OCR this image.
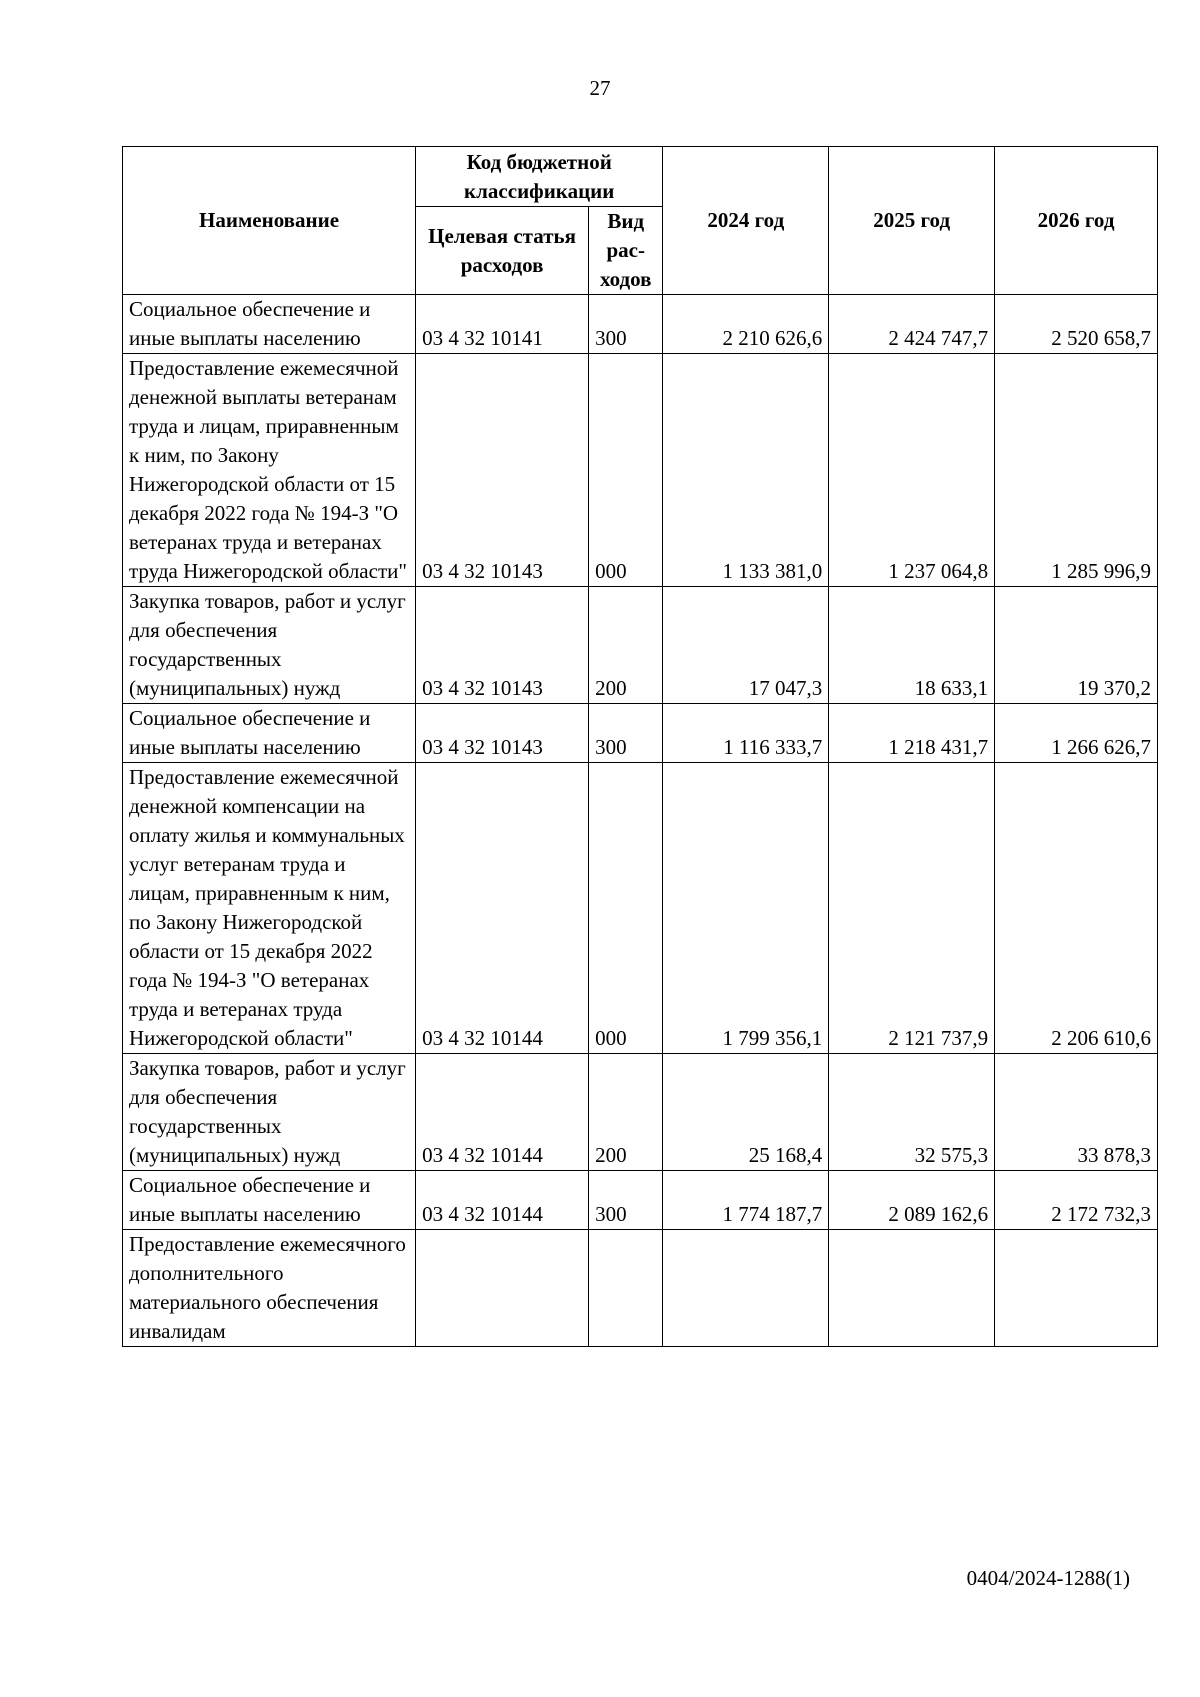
27
Наименование	Код бюджетной классификации		2024 год	2025 год	2026 год
	Целевая статья расходов	Вид рас-ходов			
Социальное обеспечение и иные выплаты населению	03 4 32 10141	300	2 210 626,6	2 424 747,7	2 520 658,7
Предоставление ежемесячной денежной выплаты ветеранам труда и лицам, приравненным к ним, по Закону Нижегородской области от 15 декабря 2022 года № 194-З "О ветеранах труда и ветеранах труда Нижегородской области"	03 4 32 10143	000	1 133 381,0	1 237 064,8	1 285 996,9
Закупка товаров, работ и услуг для обеспечения государственных (муниципальных) нужд	03 4 32 10143	200	17 047,3	18 633,1	19 370,2
Социальное обеспечение и иные выплаты населению	03 4 32 10143	300	1 116 333,7	1 218 431,7	1 266 626,7
Предоставление ежемесячной денежной компенсации на оплату жилья и коммунальных услуг ветеранам труда и лицам, приравненным к ним, по Закону Нижегородской области от 15 декабря 2022 года № 194-З "О ветеранах труда и ветеранах труда Нижегородской области"	03 4 32 10144	000	1 799 356,1	2 121 737,9	2 206 610,6
Закупка товаров, работ и услуг для обеспечения государственных (муниципальных) нужд	03 4 32 10144	200	25 168,4	32 575,3	33 878,3
Социальное обеспечение и иные выплаты населению	03 4 32 10144	300	1 774 187,7	2 089 162,6	2 172 732,3
Предоставление ежемесячного дополнительного материального обеспечения инвалидам					
0404/2024-1288(1)
